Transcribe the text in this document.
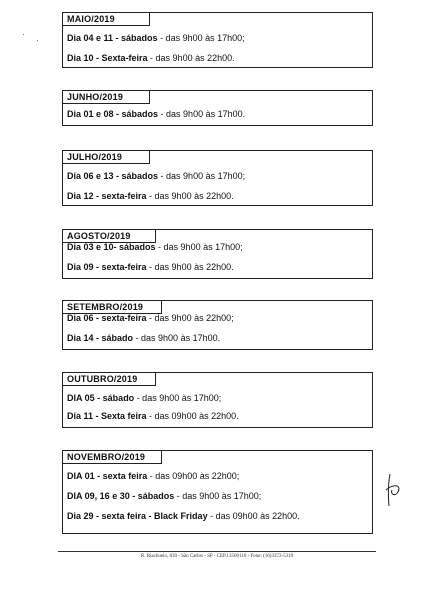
MAIO/2019
Dia 04 e 11 - sábados - das 9h00 às 17h00;
Dia 10 - Sexta-feira - das 9h00 às 22h00.
JUNHO/2019
Dia 01 e 08 - sábados - das 9h00 às 17h00.
JULHO/2019
Dia 06 e 13 - sábados - das 9h00 às 17h00;
Dia 12 - sexta-feira - das 9h00 às 22h00.
AGOSTO/2019
Dia 03 e 10- sábados - das 9h00 às 17h00;
Dia 09 - sexta-feira - das 9h00 às 22h00.
SETEMBRO/2019
Dia 06 - sexta-feira - das 9h00 às 22h00;
Dia 14 - sábado - das 9h00 às 17h00.
OUTUBRO/2019
DIA 05 - sábado - das 9h00 às 17h00;
Dia 11 - Sexta feira - das 09h00 às 22h00.
NOVEMBRO/2019
DIA 01 - sexta feira - das 09h00 às 22h00;
DIA 09, 16 e 30 - sábados - das 9h00 às 17h00;
Dia 29 - sexta feira - Black Friday - das 09h00 às 22h00.
·
·
R. Riachuelo, 830 - São Carlos - SP - CEP.13560110 - Fone: (16)3372-5319
